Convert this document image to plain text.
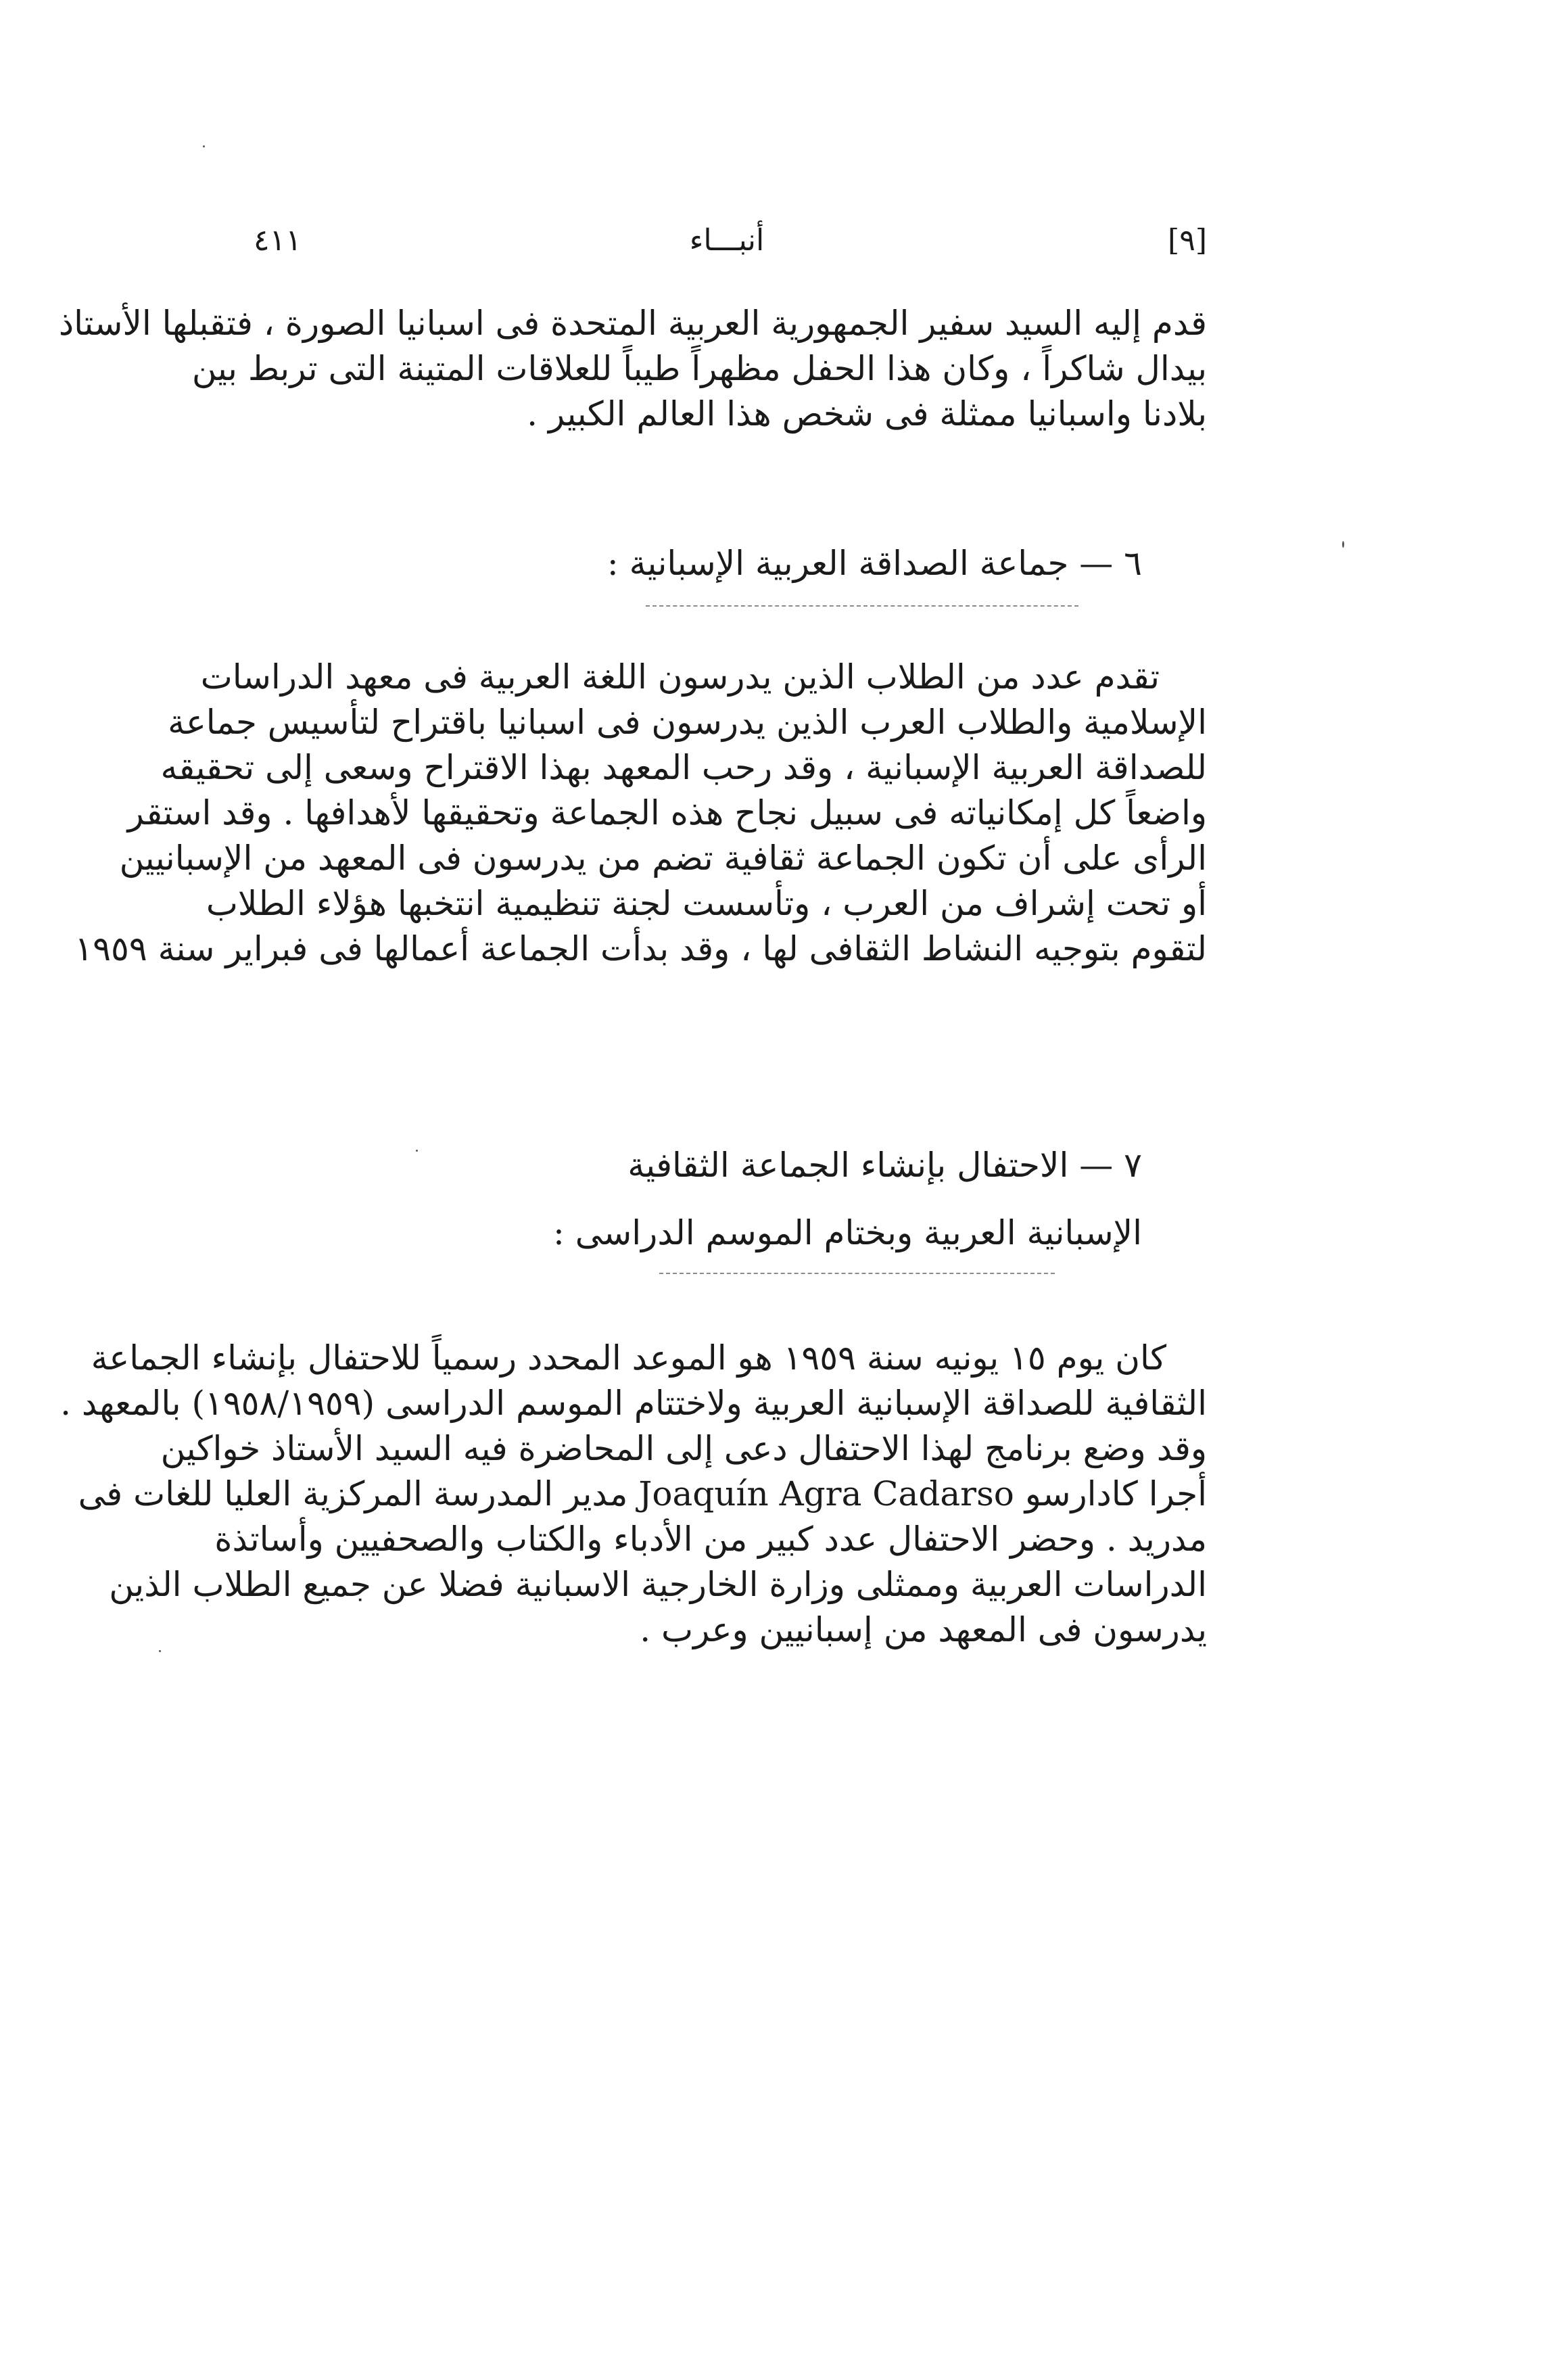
٤١١	أنبـــاء	[٩]
قدم إليه السيد سفير الجمهورية العربية المتحدة فى اسبانيا الصورة ، فتقبلها الأستاذ
بيدال شاكراً ، وكان هذا الحفل مظهراً طيباً للعلاقات المتينة التى تربط بين
بلادنا واسبانيا ممثلة فى شخص هذا العالم الكبير .
٦ — جماعة الصداقة العربية الإسبانية :
تقدم عدد من الطلاب الذين يدرسون اللغة العربية فى معهد الدراسات
الإسلامية والطلاب العرب الذين يدرسون فى اسبانيا باقتراح لتأسيس جماعة
للصداقة العربية الإسبانية ، وقد رحب المعهد بهذا الاقتراح وسعى إلى تحقيقه
واضعاً كل إمكانياته فى سبيل نجاح هذه الجماعة وتحقيقها لأهدافها . وقد استقر
الرأى على أن تكون الجماعة ثقافية تضم من يدرسون فى المعهد من الإسبانيين
أو تحت إشراف من العرب ، وتأسست لجنة تنظيمية انتخبها هؤلاء الطلاب
لتقوم بتوجيه النشاط الثقافى لها ، وقد بدأت الجماعة أعمالها فى فبراير سنة ١٩٥٩
٧ — الاحتفال بإنشاء الجماعة الثقافية
الإسبانية العربية وبختام الموسم الدراسى :
كان يوم ١٥ يونيه سنة ١٩٥٩ هو الموعد المحدد رسمياً للاحتفال بإنشاء الجماعة
الثقافية للصداقة الإسبانية العربية ولاختتام الموسم الدراسى (١٩٥٨/١٩٥٩) بالمعهد .
وقد وضع برنامج لهذا الاحتفال دعى إلى المحاضرة فيه السيد الأستاذ خواكين
أجرا كادارسو Joaquín Agra Cadarso مدير المدرسة المركزية العليا للغات فى
مدريد . وحضر الاحتفال عدد كبير من الأدباء والكتاب والصحفيين وأساتذة
الدراسات العربية وممثلى وزارة الخارجية الاسبانية فضلا عن جميع الطلاب الذين
يدرسون فى المعهد من إسبانيين وعرب .
